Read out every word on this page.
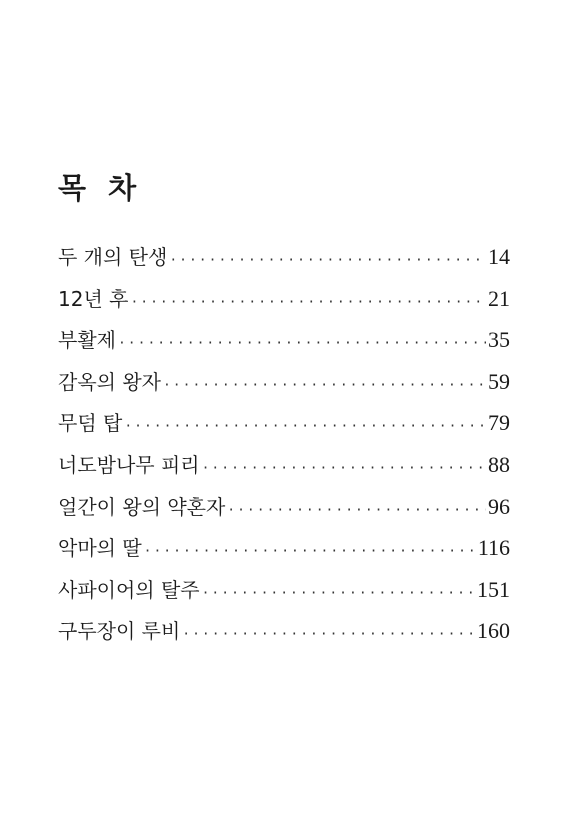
목 차
두 개의 탄생 ·····	14
12년 후 ·····	21
부활제 ·····	35
감옥의 왕자 ·····	59
무덤 탑 ·····	79
너도밤나무 피리 ·····	88
얼간이 왕의 약혼자 ·····	96
악마의 딸 ·····	116
사파이어의 탈주 ·····	151
구두장이 루비 ·····	160
